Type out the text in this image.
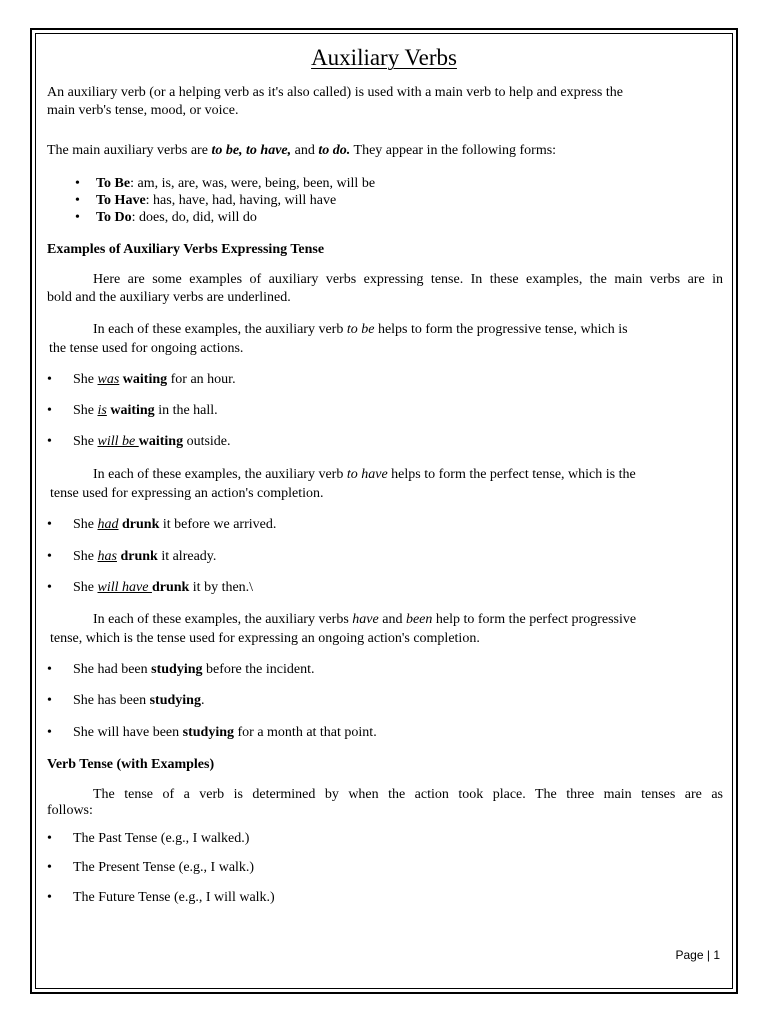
Auxiliary Verbs
An auxiliary verb (or a helping verb as it's also called) is used with a main verb to help and express the
main verb's tense, mood, or voice.
The main auxiliary verbs are to be, to have, and to do. They appear in the following forms:
• To Be: am, is, are, was, were, being, been, will be
• To Have: has, have, had, having, will have
• To Do: does, do, did, will do
Examples of Auxiliary Verbs Expressing Tense
Here are some examples of auxiliary verbs expressing tense. In these examples, the main verbs are in
bold and the auxiliary verbs are underlined.
In each of these examples, the auxiliary verb to be helps to form the progressive tense, which is
the tense used for ongoing actions.
•	She was waiting for an hour.
•	She is waiting in the hall.
•	She will be waiting outside.
In each of these examples, the auxiliary verb to have helps to form the perfect tense, which is the
tense used for expressing an action's completion.
•	She had drunk it before we arrived.
•	She has drunk it already.
•	She will have drunk it by then.\
In each of these examples, the auxiliary verbs have and been help to form the perfect progressive
tense, which is the tense used for expressing an ongoing action's completion.
•	She had been studying before the incident.
•	She has been studying.
•	She will have been studying for a month at that point.
Verb Tense (with Examples)
The tense of a verb is determined by when the action took place. The three main tenses are as
follows:
•	The Past Tense (e.g., I walked.)
•	The Present Tense (e.g., I walk.)
•	The Future Tense (e.g., I will walk.)
Page | 1
